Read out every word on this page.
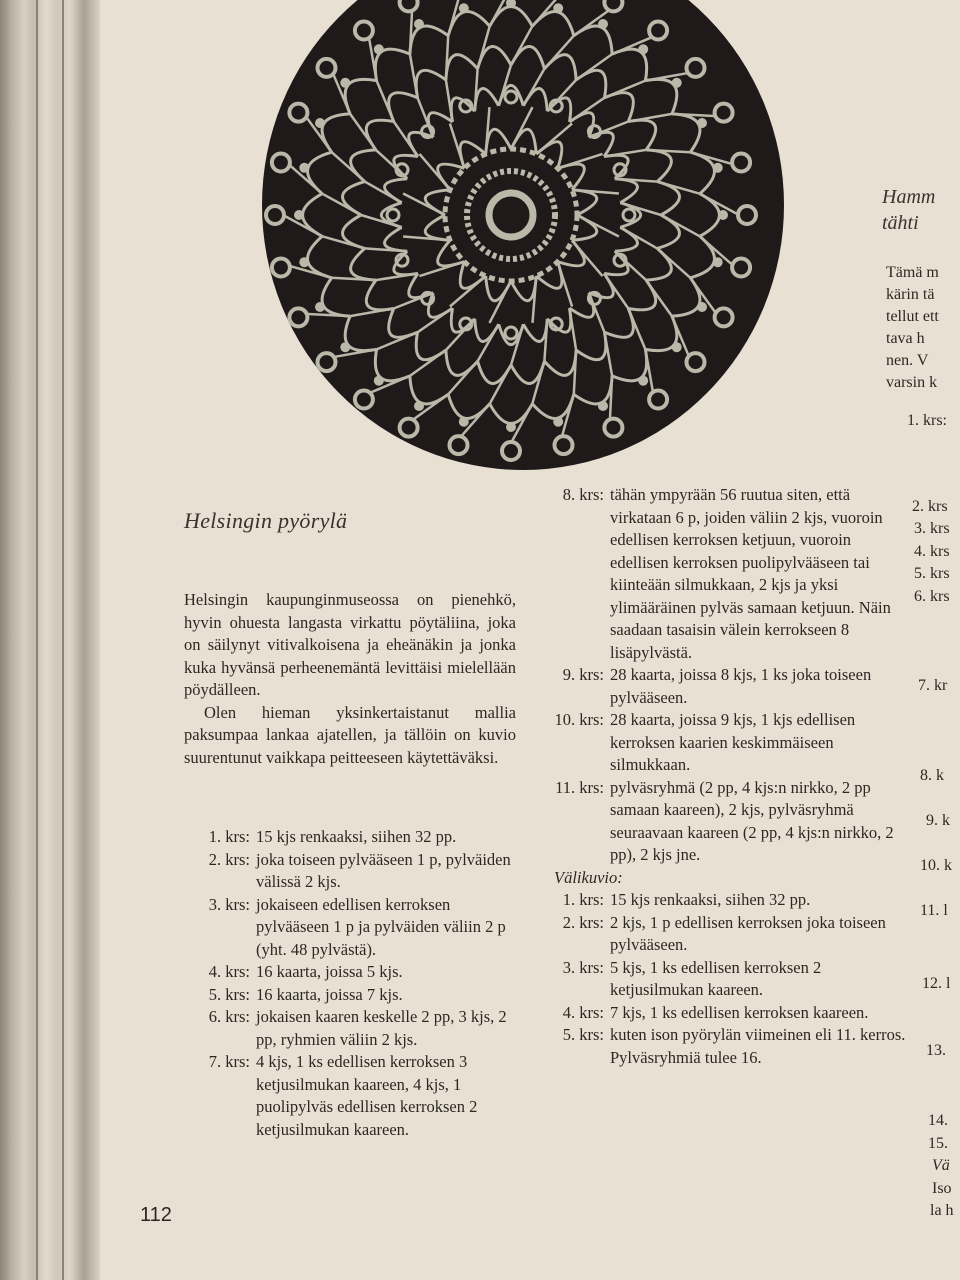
Helsingin pyörylä

Helsingin kaupunginmuseossa on pienehkö, hyvin ohuesta langasta virkattu pöytäliina, joka on säilynyt vitivalkoisena ja eheänäkin ja jonka kuka hyvänsä perheenemäntä levittäisi mielellään pöydälleen.

Olen hieman yksinkertaistanut mallia paksumpaa lankaa ajatellen, ja tällöin on kuvio suurentunut vaikkapa peitteeseen käytettäväksi.

1. krs: 15 kjs renkaaksi, siihen 32 pp.
2. krs: joka toiseen pylvääseen 1 p, pylväiden välissä 2 kjs.
3. krs: jokaiseen edellisen kerroksen pylvääseen 1 p ja pylväiden väliin 2 p (yht. 48 pylvästä).
4. krs: 16 kaarta, joissa 5 kjs.
5. krs: 16 kaarta, joissa 7 kjs.
6. krs: jokaisen kaaren keskelle 2 pp, 3 kjs, 2 pp, ryhmien väliin 2 kjs.
7. krs: 4 kjs, 1 ks edellisen kerroksen 3 ketjusilmukan kaareen, 4 kjs, 1 puolipylväs edellisen kerroksen 2 ketjusilmukan kaareen.
112
8. krs: tähän ympyrään 56 ruutua siten, että virkataan 6 p, joiden väliin 2 kjs, vuoroin edellisen kerroksen ketjuun, vuoroin edellisen kerroksen puolipylvääseen tai kiinteään silmukkaan, 2 kjs ja yksi ylimääräinen pylväs samaan ketjuun. Näin saadaan tasaisin välein kerrokseen 8 lisäpylvästä.
9. krs: 28 kaarta, joissa 8 kjs, 1 ks joka toiseen pylvääseen.
10. krs: 28 kaarta, joissa 9 kjs, 1 kjs edellisen kerroksen kaarien keskimmäiseen silmukkaan.
11. krs: pylväsryhmä (2 pp, 4 kjs:n nirkko, 2 pp samaan kaareen), 2 kjs, pylväsryhmä seuraavaan kaareen (2 pp, 4 kjs:n nirkko, 2 pp), 2 kjs jne.
Välikuvio:
1. krs: 15 kjs renkaaksi, siihen 32 pp.
2. krs: 2 kjs, 1 p edellisen kerroksen joka toiseen pylvääseen.
3. krs: 5 kjs, 1 ks edellisen kerroksen 2 ketjusilmukan kaareen.
4. krs: 7 kjs, 1 ks edellisen kerroksen kaareen.
5. krs: kuten ison pyörylän viimeinen eli 11. kerros. Pylväsryhmiä tulee 16.
Hamm
tähti
Tämä m
kärin tä
tellut ett
tava h
nen. V
varsin k
1. krs:
2. krs
3. krs
4. krs
5. krs
6. krs
7. kr
8. k
9. k
10. k
11. l
12. l
13.
14.
15.
Vä
Iso
la h
